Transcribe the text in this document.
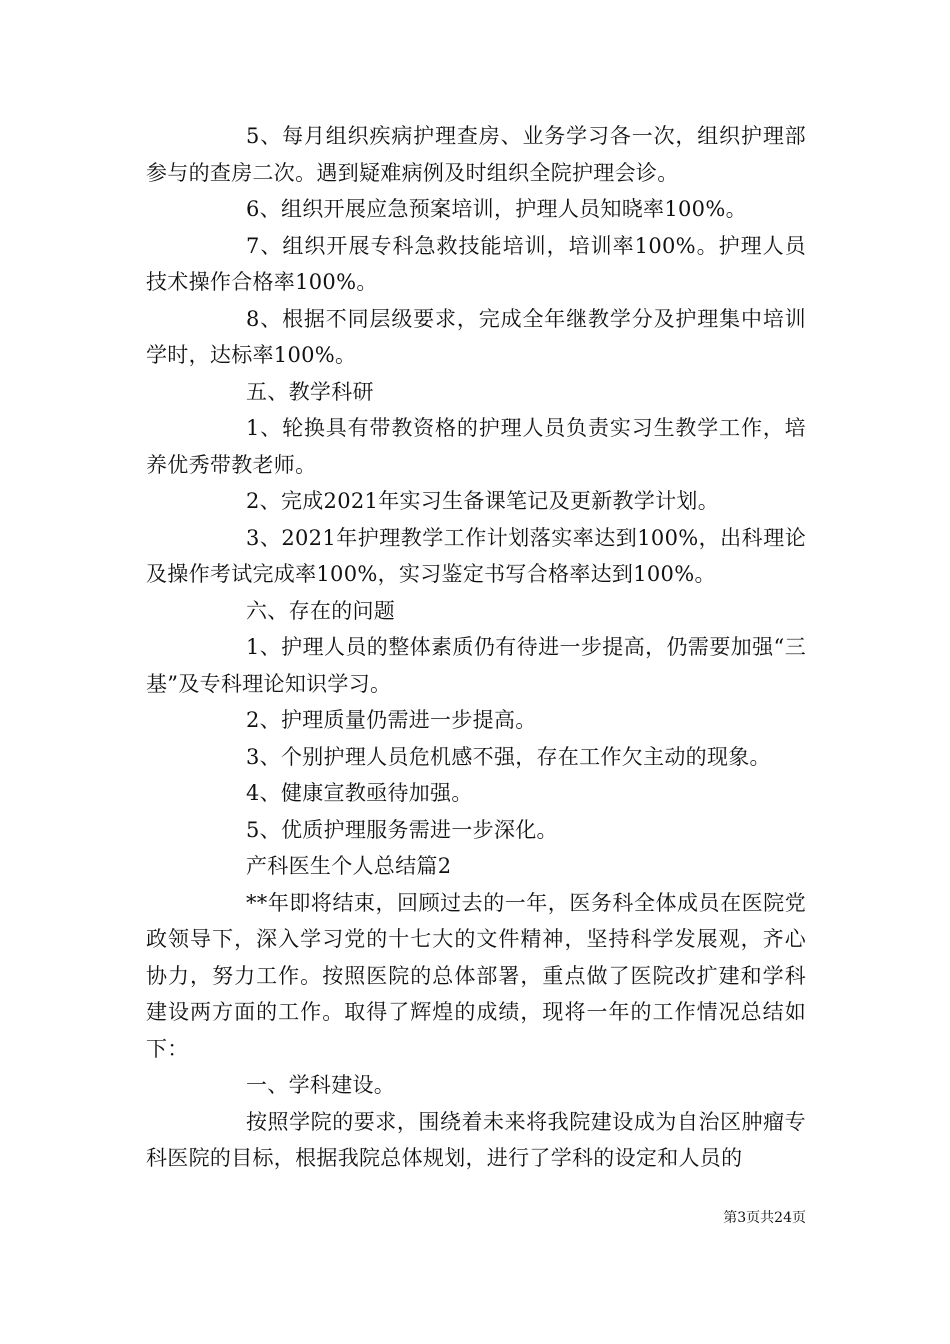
5、每月组织疾病护理查房、业务学习各一次，组织护理部参与的查房二次。遇到疑难病例及时组织全院护理会诊。

6、组织开展应急预案培训，护理人员知晓率100%。

7、组织开展专科急救技能培训，培训率100%。护理人员技术操作合格率100%。

8、根据不同层级要求，完成全年继教学分及护理集中培训学时，达标率100%。

五、教学科研

1、轮换具有带教资格的护理人员负责实习生教学工作，培养优秀带教老师。

2、完成2021年实习生备课笔记及更新教学计划。

3、2021年护理教学工作计划落实率达到100%，出科理论及操作考试完成率100%，实习鉴定书写合格率达到100%。

六、存在的问题

1、护理人员的整体素质仍有待进一步提高，仍需要加强“三基”及专科理论知识学习。

2、护理质量仍需进一步提高。

3、个别护理人员危机感不强，存在工作欠主动的现象。

4、健康宣教亟待加强。

5、优质护理服务需进一步深化。

产科医生个人总结篇2

**年即将结束，回顾过去的一年，医务科全体成员在医院党政领导下，深入学习党的十七大的文件精神，坚持科学发展观，齐心协力，努力工作。按照医院的总体部署，重点做了医院改扩建和学科建设两方面的工作。取得了辉煌的成绩，现将一年的工作情况总结如下：

一、学科建设。

按照学院的要求，围绕着未来将我院建设成为自治区肿瘤专科医院的目标，根据我院总体规划，进行了学科的设定和人员的

第3页共24页
